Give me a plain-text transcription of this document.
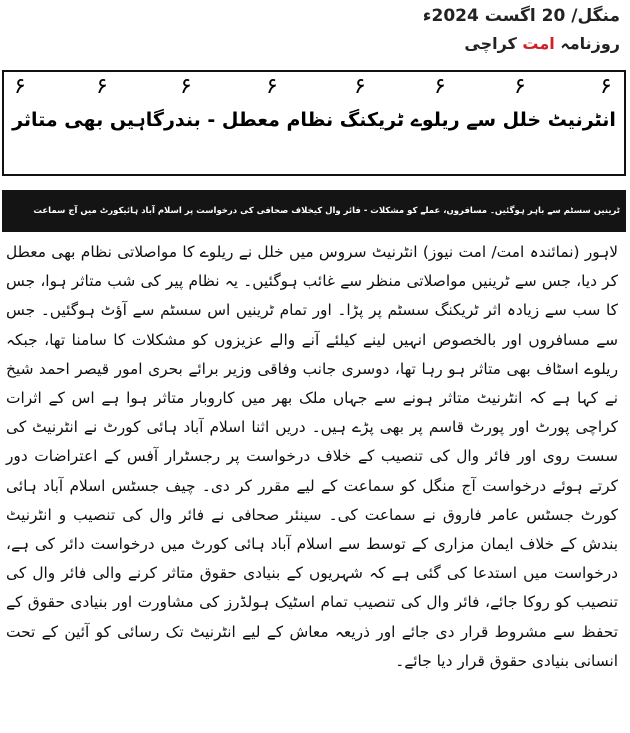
منگل/ 20 اگست 2024ء
روزنامہ امت کراچی
۶	۶	۶	۶	۶	۶	۶	۶
انٹرنیٹ خلل سے ریلوے ٹریکنگ نظام معطل - بندرگاہیں بھی متاثر
ٹرینیں سسٹم سے باہر ہوگئیں۔ مسافروں، عملے کو مشکلات - فائر وال کیخلاف صحافی کی درخواست پر اسلام آباد ہائیکورٹ میں آج سماعت

لاہور (نمائندہ امت/ امت نیوز) انٹرنیٹ سروس میں خلل نے ریلوے کا مواصلاتی نظام بھی معطل کر دیا، جس سے ٹرینیں مواصلاتی منظر سے غائب ہوگئیں۔ یہ نظام پیر کی شب متاثر ہوا، جس کا سب سے زیادہ اثر ٹریکنگ سسٹم پر پڑا۔ اور تمام ٹرینیں اس سسٹم سے آؤٹ ہوگئیں۔ جس سے مسافروں اور بالخصوص انہیں لینے کیلئے آنے والے عزیزوں کو مشکلات کا سامنا تھا، جبکہ ریلوے اسٹاف بھی متاثر ہو رہا تھا، دوسری جانب وفاقی وزیر برائے بحری امور قیصر احمد شیخ نے کہا ہے کہ انٹرنیٹ متاثر ہونے سے جہاں ملک بھر میں کاروبار متاثر ہوا ہے اس کے اثرات کراچی پورٹ اور پورٹ قاسم پر بھی پڑے ہیں۔ دریں اثنا اسلام آباد ہائی کورٹ نے انٹرنیٹ کی سست روی اور فائر وال کی تنصیب کے خلاف درخواست پر رجسٹرار آفس کے اعتراضات دور کرتے ہوئے درخواست آج منگل کو سماعت کے لیے مقرر کر دی۔ چیف جسٹس اسلام آباد ہائی کورٹ جسٹس عامر فاروق نے سماعت کی۔ سینئر صحافی نے فائر وال کی تنصیب و انٹرنیٹ بندش کے خلاف ایمان مزاری کے توسط سے اسلام آباد ہائی کورٹ میں درخواست دائر کی ہے، درخواست میں استدعا کی گئی ہے کہ شہریوں کے بنیادی حقوق متاثر کرنے والی فائر وال کی تنصیب کو روکا جائے، فائر وال کی تنصیب تمام اسٹیک ہولڈرز کی مشاورت اور بنیادی حقوق کے تحفظ سے مشروط قرار دی جائے اور ذریعہ معاش کے لیے انٹرنیٹ تک رسائی کو آئین کے تحت انسانی بنیادی حقوق قرار دیا جائے۔
